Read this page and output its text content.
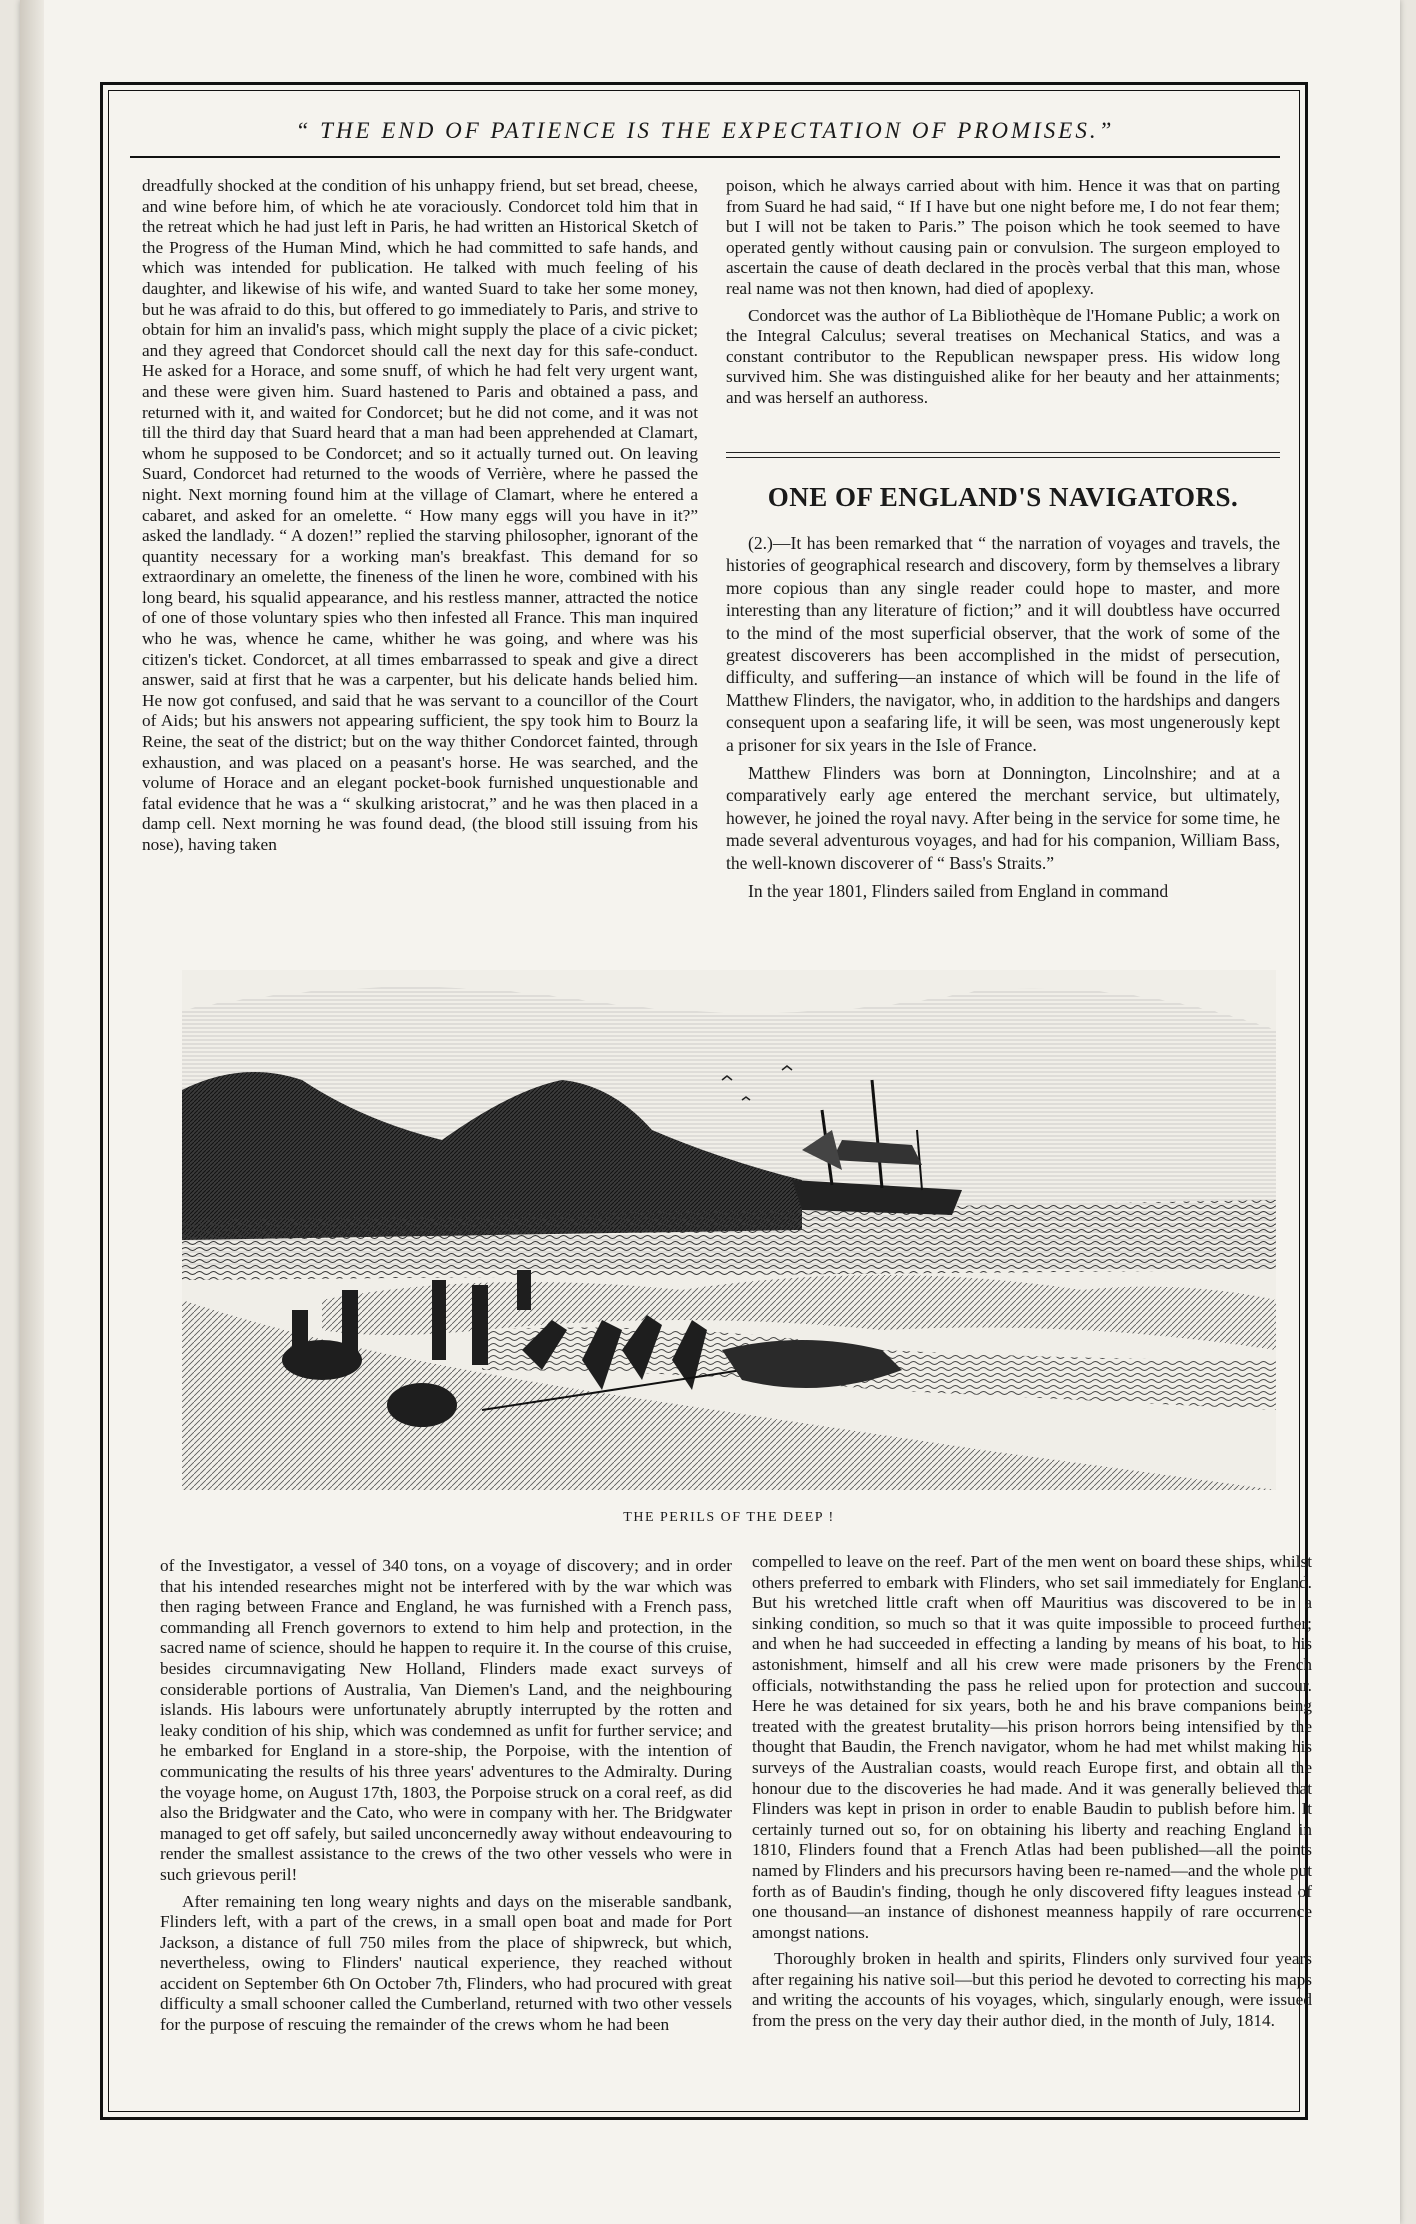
“ THE END OF PATIENCE IS THE EXPECTATION OF PROMISES.”

dreadfully shocked at the condition of his unhappy friend, but set bread, cheese, and wine before him, of which he ate voraciously. Condorcet told him that in the retreat which he had just left in Paris, he had written an Historical Sketch of the Progress of the Human Mind, which he had committed to safe hands, and which was intended for publication. He talked with much feeling of his daughter, and likewise of his wife, and wanted Suard to take her some money, but he was afraid to do this, but offered to go immediately to Paris, and strive to obtain for him an invalid's pass, which might supply the place of a civic picket; and they agreed that Condorcet should call the next day for this safe-conduct. He asked for a Horace, and some snuff, of which he had felt very urgent want, and these were given him. Suard hastened to Paris and obtained a pass, and returned with it, and waited for Condorcet; but he did not come, and it was not till the third day that Suard heard that a man had been apprehended at Clamart, whom he supposed to be Condorcet; and so it actually turned out. On leaving Suard, Condorcet had returned to the woods of Verrière, where he passed the night. Next morning found him at the village of Clamart, where he entered a cabaret, and asked for an omelette. “ How many eggs will you have in it?” asked the landlady. “ A dozen!” replied the starving philosopher, ignorant of the quantity necessary for a working man's breakfast. This demand for so extraordinary an omelette, the fineness of the linen he wore, combined with his long beard, his squalid appearance, and his restless manner, attracted the notice of one of those voluntary spies who then infested all France. This man inquired who he was, whence he came, whither he was going, and where was his citizen's ticket. Condorcet, at all times embarrassed to speak and give a direct answer, said at first that he was a carpenter, but his delicate hands belied him. He now got confused, and said that he was servant to a councillor of the Court of Aids; but his answers not appearing sufficient, the spy took him to Bourz la Reine, the seat of the district; but on the way thither Condorcet fainted, through exhaustion, and was placed on a peasant's horse. He was searched, and the volume of Horace and an elegant pocket-book furnished unquestionable and fatal evidence that he was a “ skulking aristocrat,” and he was then placed in a damp cell. Next morning he was found dead, (the blood still issuing from his nose), having taken

poison, which he always carried about with him. Hence it was that on parting from Suard he had said, “ If I have but one night before me, I do not fear them; but I will not be taken to Paris.” The poison which he took seemed to have operated gently without causing pain or convulsion. The surgeon employed to ascertain the cause of death declared in the procès verbal that this man, whose real name was not then known, had died of apoplexy.

Condorcet was the author of La Bibliothèque de l'Homane Public; a work on the Integral Calculus; several treatises on Mechanical Statics, and was a constant contributor to the Republican newspaper press. His widow long survived him. She was distinguished alike for her beauty and her attainments; and was herself an authoress.

ONE OF ENGLAND'S NAVIGATORS.

(2.)—It has been remarked that “ the narration of voyages and travels, the histories of geographical research and discovery, form by themselves a library more copious than any single reader could hope to master, and more interesting than any literature of fiction;” and it will doubtless have occurred to the mind of the most superficial observer, that the work of some of the greatest discoverers has been accomplished in the midst of persecution, difficulty, and suffering—an instance of which will be found in the life of Matthew Flinders, the navigator, who, in addition to the hardships and dangers consequent upon a seafaring life, it will be seen, was most ungenerously kept a prisoner for six years in the Isle of France.

Matthew Flinders was born at Donnington, Lincolnshire; and at a comparatively early age entered the merchant service, but ultimately, however, he joined the royal navy. After being in the service for some time, he made several adventurous voyages, and had for his companion, William Bass, the well-known discoverer of “ Bass's Straits.”

In the year 1801, Flinders sailed from England in command

THE PERILS OF THE DEEP !

of the Investigator, a vessel of 340 tons, on a voyage of discovery; and in order that his intended researches might not be interfered with by the war which was then raging between France and England, he was furnished with a French pass, commanding all French governors to extend to him help and protection, in the sacred name of science, should he happen to require it. In the course of this cruise, besides circumnavigating New Holland, Flinders made exact surveys of considerable portions of Australia, Van Diemen's Land, and the neighbouring islands. His labours were unfortunately abruptly interrupted by the rotten and leaky condition of his ship, which was condemned as unfit for further service; and he embarked for England in a store-ship, the Porpoise, with the intention of communicating the results of his three years' adventures to the Admiralty. During the voyage home, on August 17th, 1803, the Porpoise struck on a coral reef, as did also the Bridgwater and the Cato, who were in company with her. The Bridgwater managed to get off safely, but sailed unconcernedly away without endeavouring to render the smallest assistance to the crews of the two other vessels who were in such grievous peril!

After remaining ten long weary nights and days on the miserable sandbank, Flinders left, with a part of the crews, in a small open boat and made for Port Jackson, a distance of full 750 miles from the place of shipwreck, but which, nevertheless, owing to Flinders' nautical experience, they reached without accident on September 6th On October 7th, Flinders, who had procured with great difficulty a small schooner called the Cumberland, returned with two other vessels for the purpose of rescuing the remainder of the crews whom he had been

compelled to leave on the reef. Part of the men went on board these ships, whilst others preferred to embark with Flinders, who set sail immediately for England. But his wretched little craft when off Mauritius was discovered to be in a sinking condition, so much so that it was quite impossible to proceed further; and when he had succeeded in effecting a landing by means of his boat, to his astonishment, himself and all his crew were made prisoners by the French officials, notwithstanding the pass he relied upon for protection and succour. Here he was detained for six years, both he and his brave companions being treated with the greatest brutality—his prison horrors being intensified by the thought that Baudin, the French navigator, whom he had met whilst making his surveys of the Australian coasts, would reach Europe first, and obtain all the honour due to the discoveries he had made. And it was generally believed that Flinders was kept in prison in order to enable Baudin to publish before him. It certainly turned out so, for on obtaining his liberty and reaching England in 1810, Flinders found that a French Atlas had been published—all the points named by Flinders and his precursors having been re-named—and the whole put forth as of Baudin's finding, though he only discovered fifty leagues instead of one thousand—an instance of dishonest meanness happily of rare occurrence amongst nations.

Thoroughly broken in health and spirits, Flinders only survived four years after regaining his native soil—but this period he devoted to correcting his maps and writing the accounts of his voyages, which, singularly enough, were issued from the press on the very day their author died, in the month of July, 1814.
